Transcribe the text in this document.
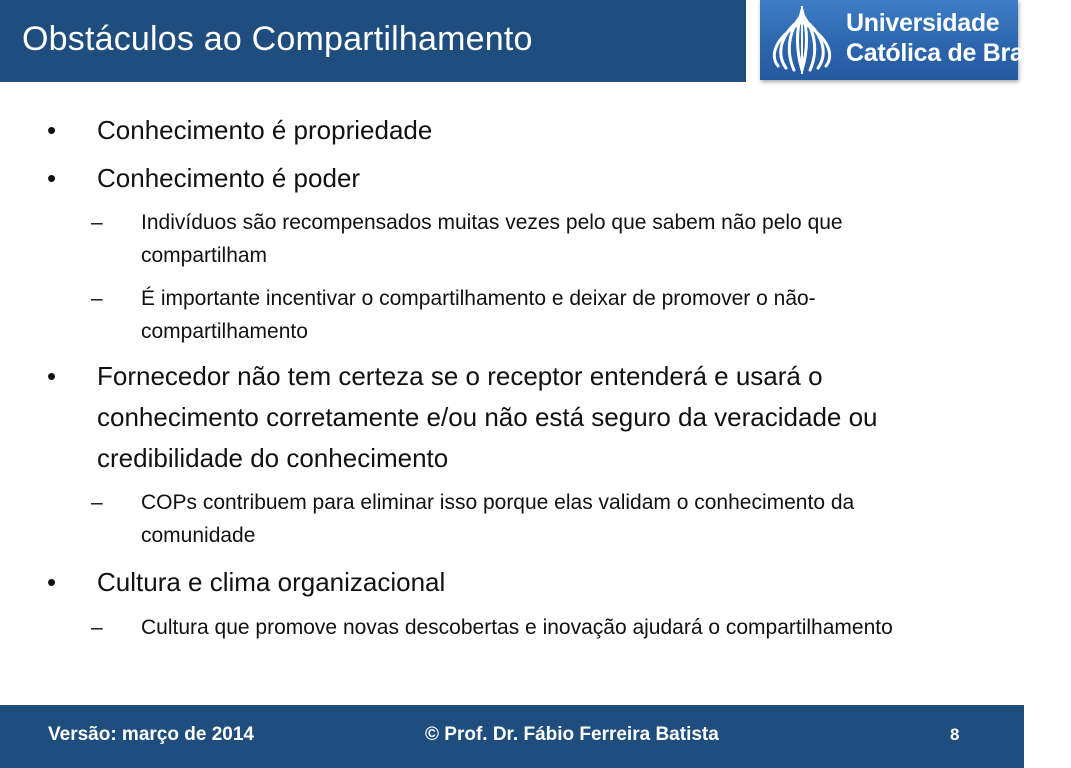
Obstáculos ao Compartilhamento	Universidade
Católica de Brasília
• Conhecimento é propriedade
• Conhecimento é poder
– Indivíduos são recompensados muitas vezes pelo que sabem não pelo que compartilham
– É importante incentivar o compartilhamento e deixar de promover o não-compartilhamento
• Fornecedor não tem certeza se o receptor entenderá e usará o conhecimento corretamente e/ou não está seguro da veracidade ou credibilidade do conhecimento
– COPs contribuem para eliminar isso porque elas validam o conhecimento da comunidade
• Cultura e clima organizacional
– Cultura que promove novas descobertas e inovação ajudará o compartilhamento
Versão: março de 2014	© Prof. Dr. Fábio Ferreira Batista	8
